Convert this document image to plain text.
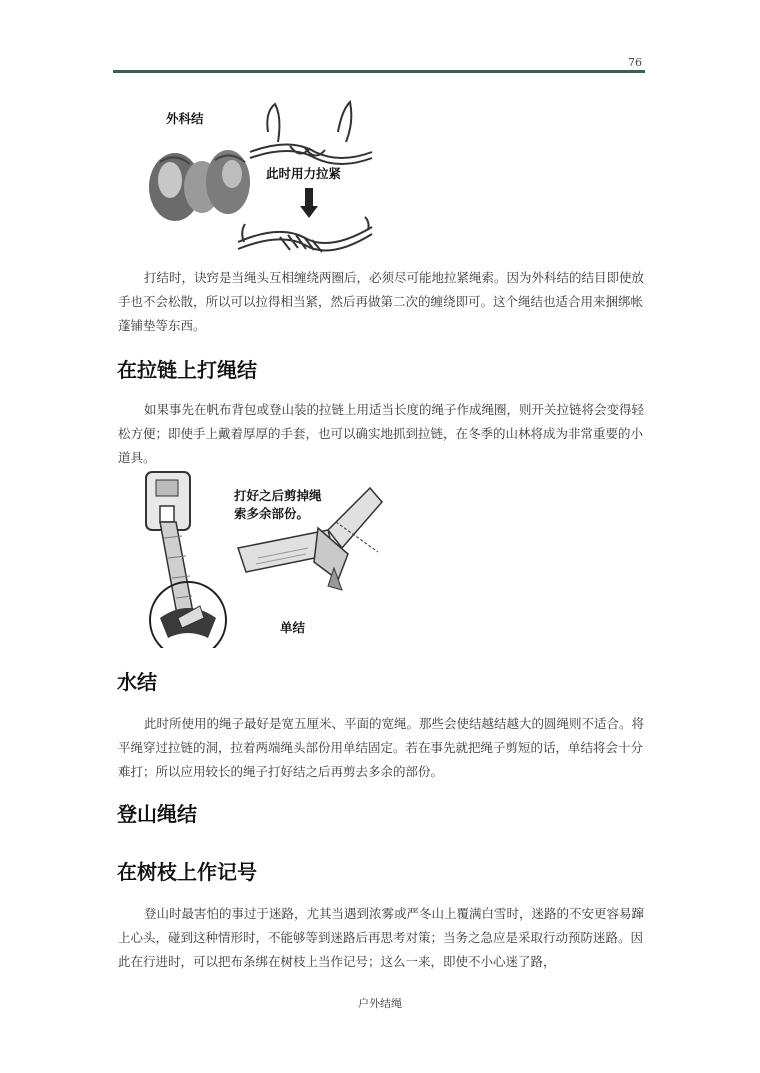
76
外科结
此时用力拉紧

打结时，诀窍是当绳头互相缠绕两圈后，必须尽可能地拉紧绳索。因为外科结的结目即使放手也不会松散，所以可以拉得相当紧，然后再做第二次的缠绕即可。这个绳结也适合用来捆绑帐蓬铺垫等东西。

在拉链上打绳结

如果事先在帆布背包或登山装的拉链上用适当长度的绳子作成绳圈，则开关拉链将会变得轻松方便；即使手上戴着厚厚的手套，也可以确实地抓到拉链，在冬季的山林将成为非常重要的小道具。

打好之后剪掉绳
索多余部份。
单结
水结

此时所使用的绳子最好是宽五厘米、平面的宽绳。那些会使结越结越大的圆绳则不适合。将平绳穿过拉链的洞，拉着两端绳头部份用单结固定。若在事先就把绳子剪短的话，单结将会十分难打；所以应用较长的绳子打好结之后再剪去多余的部份。

登山绳结
在树枝上作记号

登山时最害怕的事过于迷路，尤其当遇到浓雾或严冬山上覆满白雪时，迷路的不安更容易蹿上心头，碰到这种情形时，不能够等到迷路后再思考对策；当务之急应是采取行动预防迷路。因此在行进时，可以把布条绑在树枝上当作记号；这么一来，即使不小心迷了路，

户外结绳
